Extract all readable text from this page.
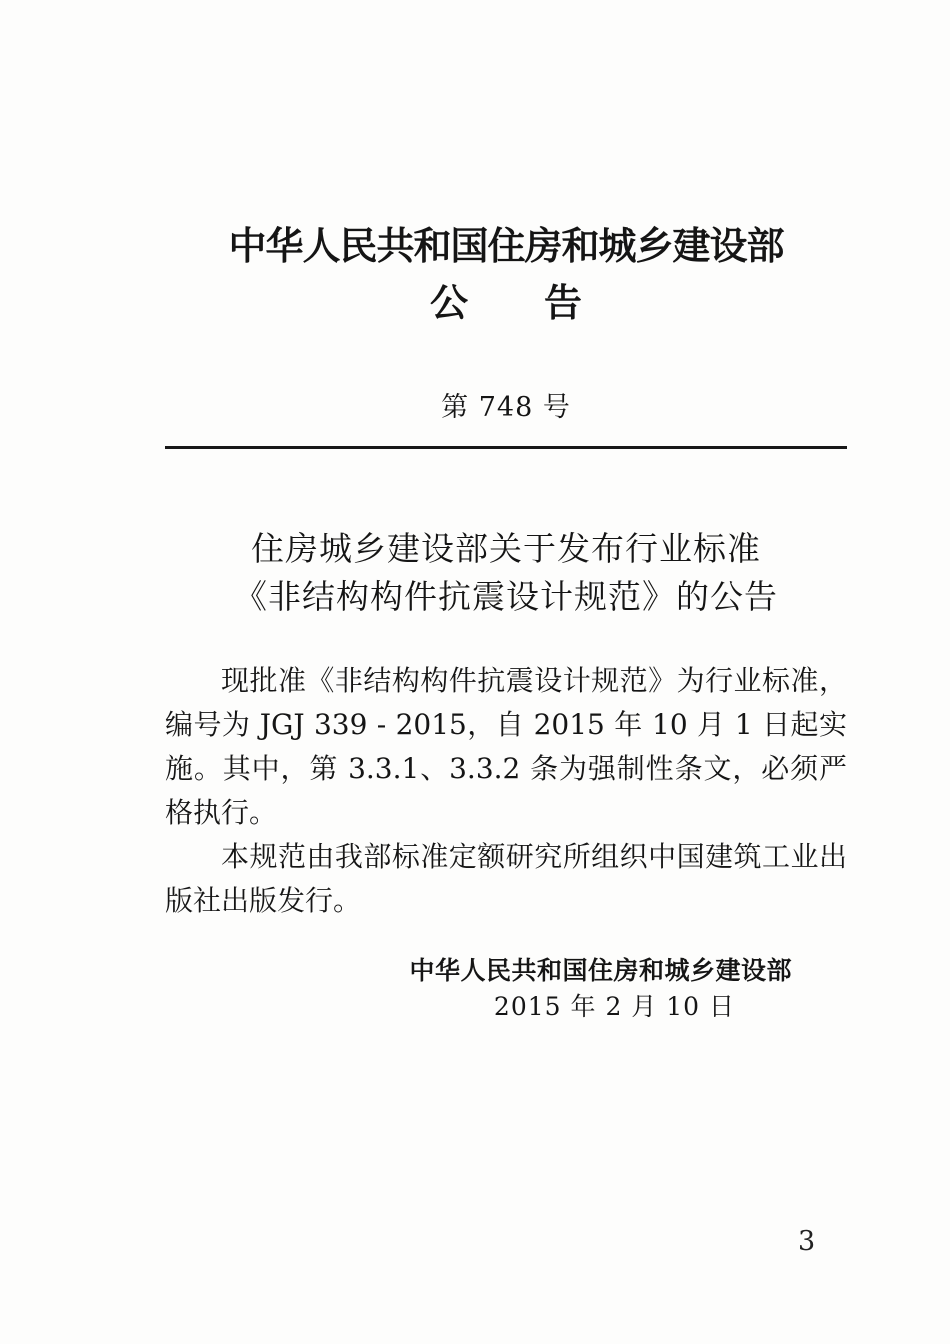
中华人民共和国住房和城乡建设部
公　　告
第 748 号
住房城乡建设部关于发布行业标准
《非结构构件抗震设计规范》的公告

现批准《非结构构件抗震设计规范》为行业标准，编号为 JGJ 339 - 2015，自 2015 年 10 月 1 日起实施。其中，第 3.3.1、3.3.2 条为强制性条文，必须严格执行。

本规范由我部标准定额研究所组织中国建筑工业出版社出版发行。

中华人民共和国住房和城乡建设部
2015 年 2 月 10 日
3
